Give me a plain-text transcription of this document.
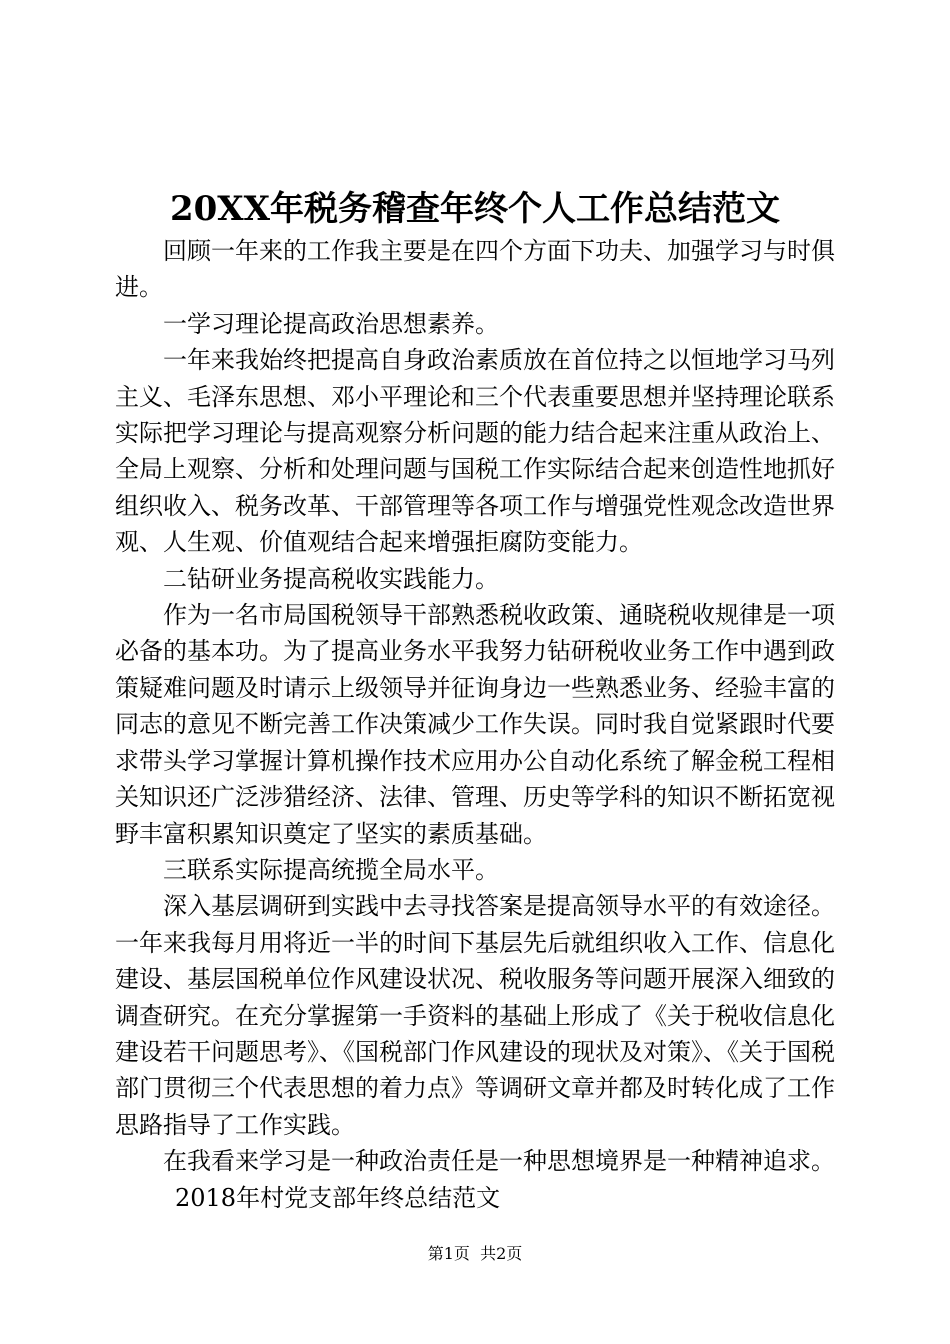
20XX年税务稽查年终个人工作总结范文

回顾一年来的工作我主要是在四个方面下功夫、加强学习与时俱进。

一学习理论提高政治思想素养。

一年来我始终把提高自身政治素质放在首位持之以恒地学习马列主义、毛泽东思想、邓小平理论和三个代表重要思想并坚持理论联系实际把学习理论与提高观察分析问题的能力结合起来注重从政治上、全局上观察、分析和处理问题与国税工作实际结合起来创造性地抓好组织收入、税务改革、干部管理等各项工作与增强党性观念改造世界观、人生观、价值观结合起来增强拒腐防变能力。

二钻研业务提高税收实践能力。

作为一名市局国税领导干部熟悉税收政策、通晓税收规律是一项必备的基本功。为了提高业务水平我努力钻研税收业务工作中遇到政策疑难问题及时请示上级领导并征询身边一些熟悉业务、经验丰富的同志的意见不断完善工作决策减少工作失误。同时我自觉紧跟时代要求带头学习掌握计算机操作技术应用办公自动化系统了解金税工程相关知识还广泛涉猎经济、法律、管理、历史等学科的知识不断拓宽视野丰富积累知识奠定了坚实的素质基础。

三联系实际提高统揽全局水平。

深入基层调研到实践中去寻找答案是提高领导水平的有效途径。一年来我每月用将近一半的时间下基层先后就组织收入工作、信息化建设、基层国税单位作风建设状况、税收服务等问题开展深入细致的调查研究。在充分掌握第一手资料的基础上形成了《关于税收信息化建设若干问题思考》、《国税部门作风建设的现状及对策》、《关于国税部门贯彻三个代表思想的着力点》等调研文章并都及时转化成了工作思路指导了工作实践。

在我看来学习是一种政治责任是一种思想境界是一种精神追求。

2018年村党支部年终总结范文

第1页 共2页
